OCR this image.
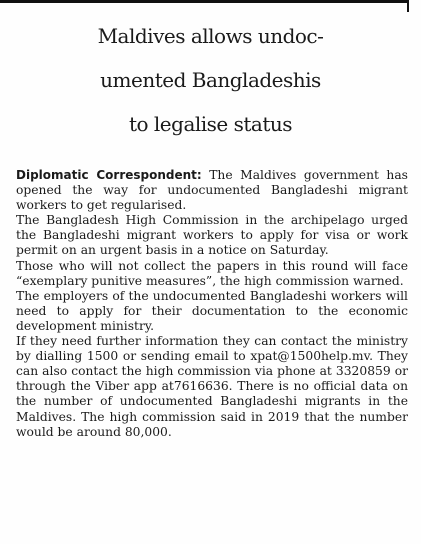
Maldives allows undoc-
umented Bangladeshis
to legalise status

Diplomatic Correspondent: The Maldives government has opened the way for undocumented Bangladeshi migrant workers to get regularised.

The Bangladesh High Commission in the archipelago urged the Bangladeshi migrant workers to apply for visa or work permit on an urgent basis in a notice on Saturday.

Those who will not collect the papers in this round will face “exemplary punitive measures”, the high commission warned.

The employers of the undocumented Bangladeshi workers will need to apply for their documentation to the economic development ministry.

If they need further information they can contact the ministry by dialling 1500 or sending email to xpat@1500help.mv. They can also contact the high commission via phone at 3320859 or through the Viber app at7616636. There is no official data on the number of undocumented Bangladeshi migrants in the Maldives. The high commission said in 2019 that the number would be around 80,000.
